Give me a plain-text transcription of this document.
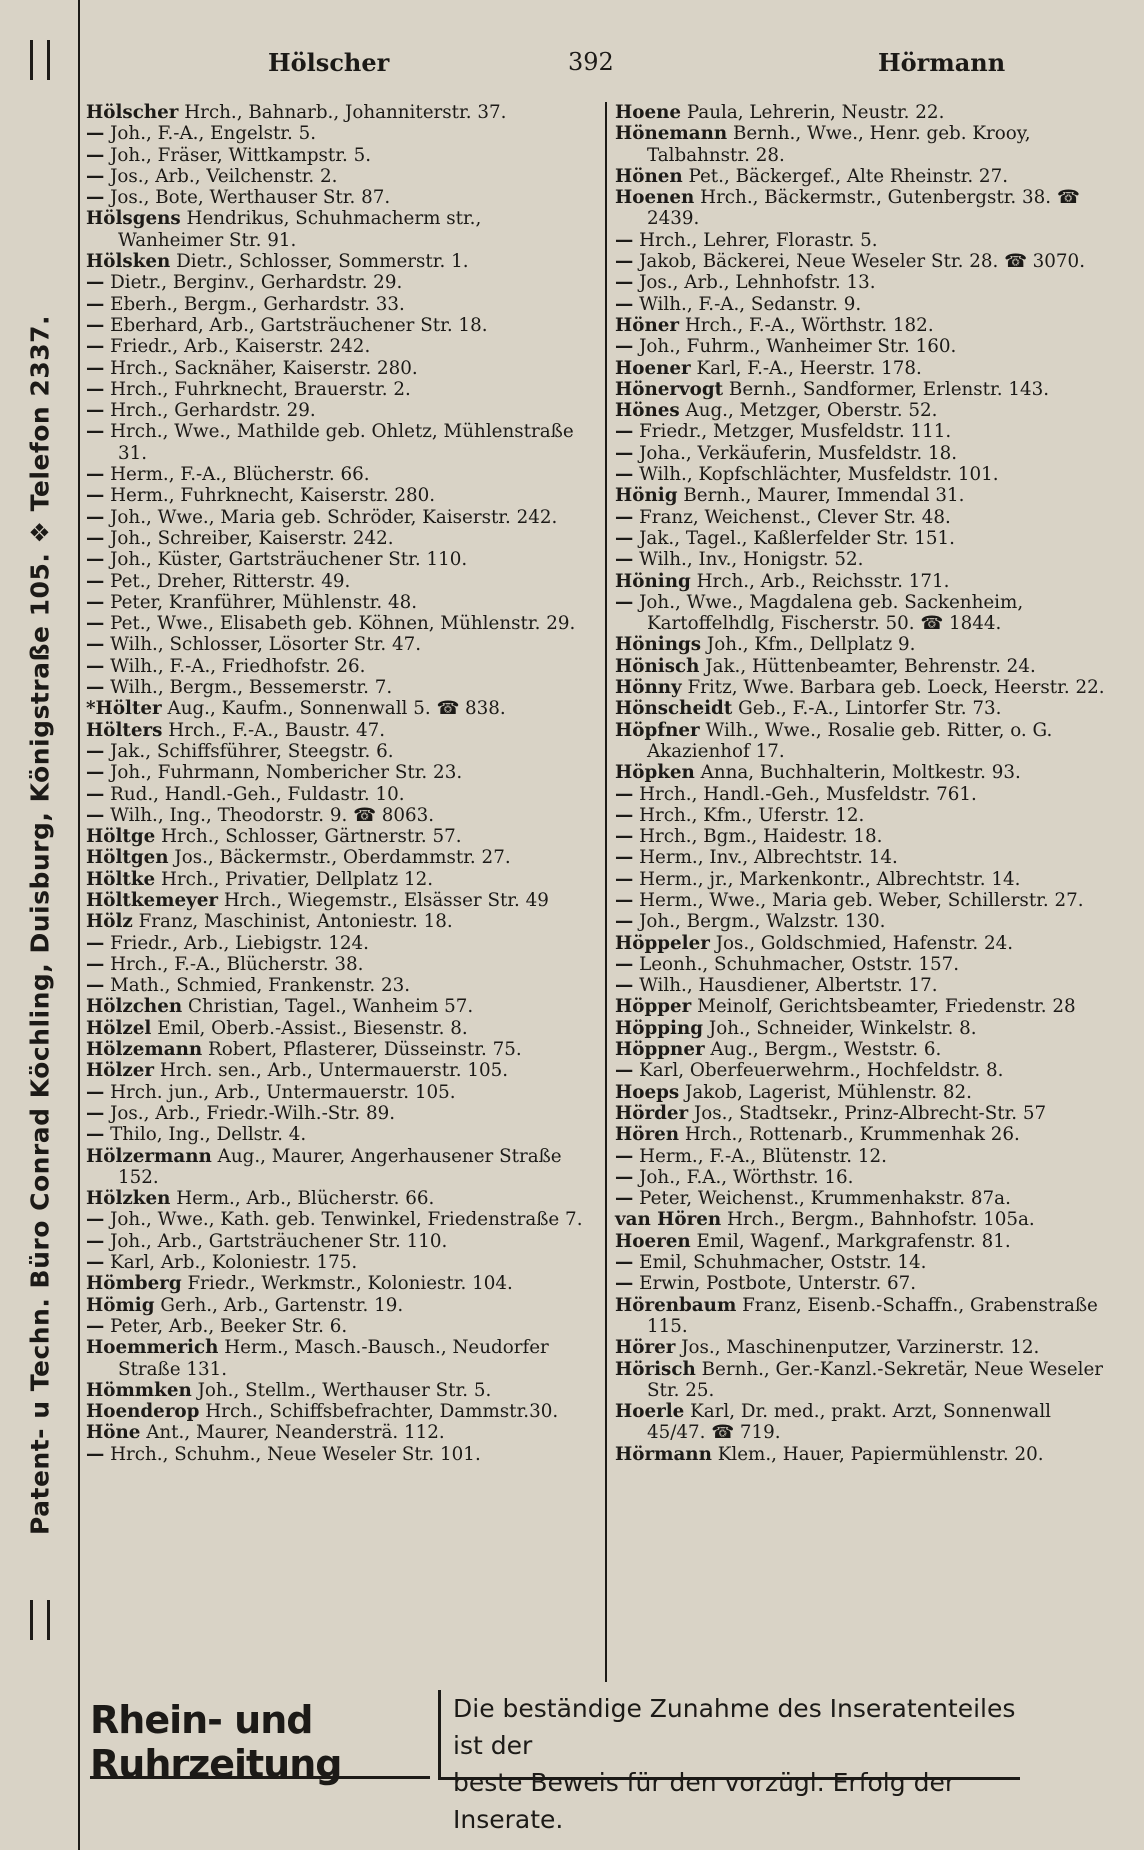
Patent- u Techn. Büro Conrad Köchling, Duisburg, Königstraße 105. ❖ Telefon 2337.
Hölscher	392	Hörmann

Hölscher Hrch., Bahnarb., Johanniterstr. 37.

— Joh., F.-A., Engelstr. 5.

— Joh., Fräser, Wittkampstr. 5.

— Jos., Arb., Veilchenstr. 2.

— Jos., Bote, Werthauser Str. 87.

Hölsgens Hendrikus, Schuhmacherm str., Wanheimer Str. 91.

Hölsken Dietr., Schlosser, Sommerstr. 1.

— Dietr., Berginv., Gerhardstr. 29.

— Eberh., Bergm., Gerhardstr. 33.

— Eberhard, Arb., Gartsträuchener Str. 18.

— Friedr., Arb., Kaiserstr. 242.

— Hrch., Sacknäher, Kaiserstr. 280.

— Hrch., Fuhrknecht, Brauerstr. 2.

— Hrch., Gerhardstr. 29.

— Hrch., Wwe., Mathilde geb. Ohletz, Mühlenstraße 31.

— Herm., F.-A., Blücherstr. 66.

— Herm., Fuhrknecht, Kaiserstr. 280.

— Joh., Wwe., Maria geb. Schröder, Kaiserstr. 242.

— Joh., Schreiber, Kaiserstr. 242.

— Joh., Küster, Gartsträuchener Str. 110.

— Pet., Dreher, Ritterstr. 49.

— Peter, Kranführer, Mühlenstr. 48.

— Pet., Wwe., Elisabeth geb. Köhnen, Mühlenstr. 29.

— Wilh., Schlosser, Lösorter Str. 47.

— Wilh., F.-A., Friedhofstr. 26.

— Wilh., Bergm., Bessemerstr. 7.

*Hölter Aug., Kaufm., Sonnenwall 5. ☎ 838.

Hölters Hrch., F.-A., Baustr. 47.

— Jak., Schiffsführer, Steegstr. 6.

— Joh., Fuhrmann, Nombericher Str. 23.

— Rud., Handl.-Geh., Fuldastr. 10.

— Wilh., Ing., Theodorstr. 9. ☎ 8063.

Höltge Hrch., Schlosser, Gärtnerstr. 57.

Höltgen Jos., Bäckermstr., Oberdammstr. 27.

Höltke Hrch., Privatier, Dellplatz 12.

Höltkemeyer Hrch., Wiegemstr., Elsässer Str. 49

Hölz Franz, Maschinist, Antoniestr. 18.

— Friedr., Arb., Liebigstr. 124.

— Hrch., F.-A., Blücherstr. 38.

— Math., Schmied, Frankenstr. 23.

Hölzchen Christian, Tagel., Wanheim 57.

Hölzel Emil, Oberb.-Assist., Biesenstr. 8.

Hölzemann Robert, Pflasterer, Düsseinstr. 75.

Hölzer Hrch. sen., Arb., Untermauerstr. 105.

— Hrch. jun., Arb., Untermauerstr. 105.

— Jos., Arb., Friedr.-Wilh.-Str. 89.

— Thilo, Ing., Dellstr. 4.

Hölzermann Aug., Maurer, Angerhausener Straße 152.

Hölzken Herm., Arb., Blücherstr. 66.

— Joh., Wwe., Kath. geb. Tenwinkel, Friedenstraße 7.

— Joh., Arb., Gartsträuchener Str. 110.

— Karl, Arb., Koloniestr. 175.

Hömberg Friedr., Werkmstr., Koloniestr. 104.

Hömig Gerh., Arb., Gartenstr. 19.

— Peter, Arb., Beeker Str. 6.

Hoemmerich Herm., Masch.-Bausch., Neudorfer Straße 131.

Hömmken Joh., Stellm., Werthauser Str. 5.

Hoenderop Hrch., Schiffsbefrachter, Dammstr.30.

Höne Ant., Maurer, Neandersträ. 112.

— Hrch., Schuhm., Neue Weseler Str. 101.

Hoene Paula, Lehrerin, Neustr. 22.

Hönemann Bernh., Wwe., Henr. geb. Krooy, Talbahnstr. 28.

Hönen Pet., Bäckergef., Alte Rheinstr. 27.

Hoenen Hrch., Bäckermstr., Gutenbergstr. 38. ☎ 2439.

— Hrch., Lehrer, Florastr. 5.

— Jakob, Bäckerei, Neue Weseler Str. 28. ☎ 3070.

— Jos., Arb., Lehnhofstr. 13.

— Wilh., F.-A., Sedanstr. 9.

Höner Hrch., F.-A., Wörthstr. 182.

— Joh., Fuhrm., Wanheimer Str. 160.

Hoener Karl, F.-A., Heerstr. 178.

Hönervogt Bernh., Sandformer, Erlenstr. 143.

Hönes Aug., Metzger, Oberstr. 52.

— Friedr., Metzger, Musfeldstr. 111.

— Joha., Verkäuferin, Musfeldstr. 18.

— Wilh., Kopfschlächter, Musfeldstr. 101.

Hönig Bernh., Maurer, Immendal 31.

— Franz, Weichenst., Clever Str. 48.

— Jak., Tagel., Kaßlerfelder Str. 151.

— Wilh., Inv., Honigstr. 52.

Höning Hrch., Arb., Reichsstr. 171.

— Joh., Wwe., Magdalena geb. Sackenheim, Kartoffelhdlg, Fischerstr. 50. ☎ 1844.

Hönings Joh., Kfm., Dellplatz 9.

Hönisch Jak., Hüttenbeamter, Behrenstr. 24.

Hönny Fritz, Wwe. Barbara geb. Loeck, Heerstr. 22.

Hönscheidt Geb., F.-A., Lintorfer Str. 73.

Höpfner Wilh., Wwe., Rosalie geb. Ritter, o. G. Akazienhof 17.

Höpken Anna, Buchhalterin, Moltkestr. 93.

— Hrch., Handl.-Geh., Musfeldstr. 761.

— Hrch., Kfm., Uferstr. 12.

— Hrch., Bgm., Haidestr. 18.

— Herm., Inv., Albrechtstr. 14.

— Herm., jr., Markenkontr., Albrechtstr. 14.

— Herm., Wwe., Maria geb. Weber, Schillerstr. 27.

— Joh., Bergm., Walzstr. 130.

Höppeler Jos., Goldschmied, Hafenstr. 24.

— Leonh., Schuhmacher, Oststr. 157.

— Wilh., Hausdiener, Albertstr. 17.

Höpper Meinolf, Gerichtsbeamter, Friedenstr. 28

Höpping Joh., Schneider, Winkelstr. 8.

Höppner Aug., Bergm., Weststr. 6.

— Karl, Oberfeuerwehrm., Hochfeldstr. 8.

Hoeps Jakob, Lagerist, Mühlenstr. 82.

Hörder Jos., Stadtsekr., Prinz-Albrecht-Str. 57

Hören Hrch., Rottenarb., Krummenhak 26.

— Herm., F.-A., Blütenstr. 12.

— Joh., F.A., Wörthstr. 16.

— Peter, Weichenst., Krummenhakstr. 87a.

van Hören Hrch., Bergm., Bahnhofstr. 105a.

Hoeren Emil, Wagenf., Markgrafenstr. 81.

— Emil, Schuhmacher, Oststr. 14.

— Erwin, Postbote, Unterstr. 67.

Hörenbaum Franz, Eisenb.-Schaffn., Grabenstraße 115.

Hörer Jos., Maschinenputzer, Varzinerstr. 12.

Hörisch Bernh., Ger.-Kanzl.-Sekretär, Neue Weseler Str. 25.

Hoerle Karl, Dr. med., prakt. Arzt, Sonnenwall 45/47. ☎ 719.

Hörmann Klem., Hauer, Papiermühlenstr. 20.

Rhein- und Ruhrzeitung
Die beständige Zunahme des Inseratenteiles ist der
beste Beweis für den vorzügl. Erfolg der Inserate.
